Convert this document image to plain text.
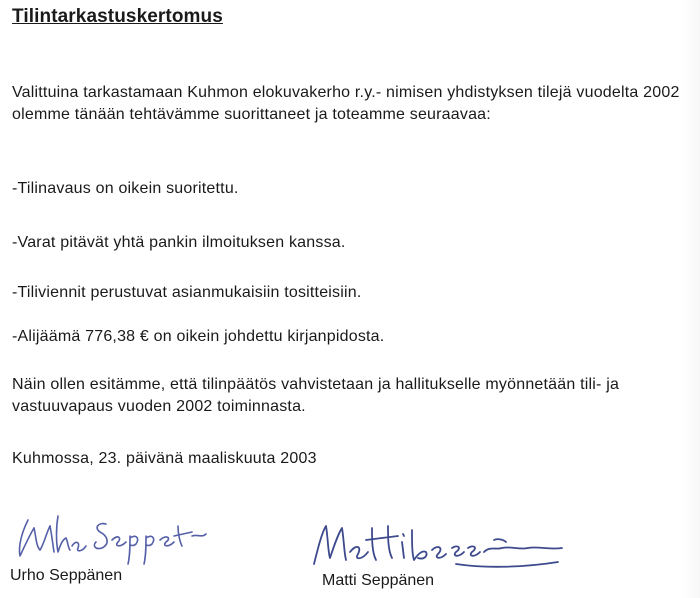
Tilintarkastuskertomus

Valittuina tarkastamaan Kuhmon elokuvakerho r.y.- nimisen yhdistyksen tilejä vuodelta 2002 olemme tänään tehtävämme suorittaneet ja toteamme seuraavaa:

-Tilinavaus on oikein suoritettu.

-Varat pitävät yhtä pankin ilmoituksen kanssa.

-Tiliviennit perustuvat asianmukaisiin tositteisiin.

-Alijäämä 776,38 € on oikein johdettu kirjanpidosta.

Näin ollen esitämme, että tilinpäätös vahvistetaan ja hallitukselle myönnetään tili- ja vastuuvapaus vuoden 2002 toiminnasta.

Kuhmossa, 23. päivänä maaliskuuta 2003

Urho Seppänen	Matti Seppänen
